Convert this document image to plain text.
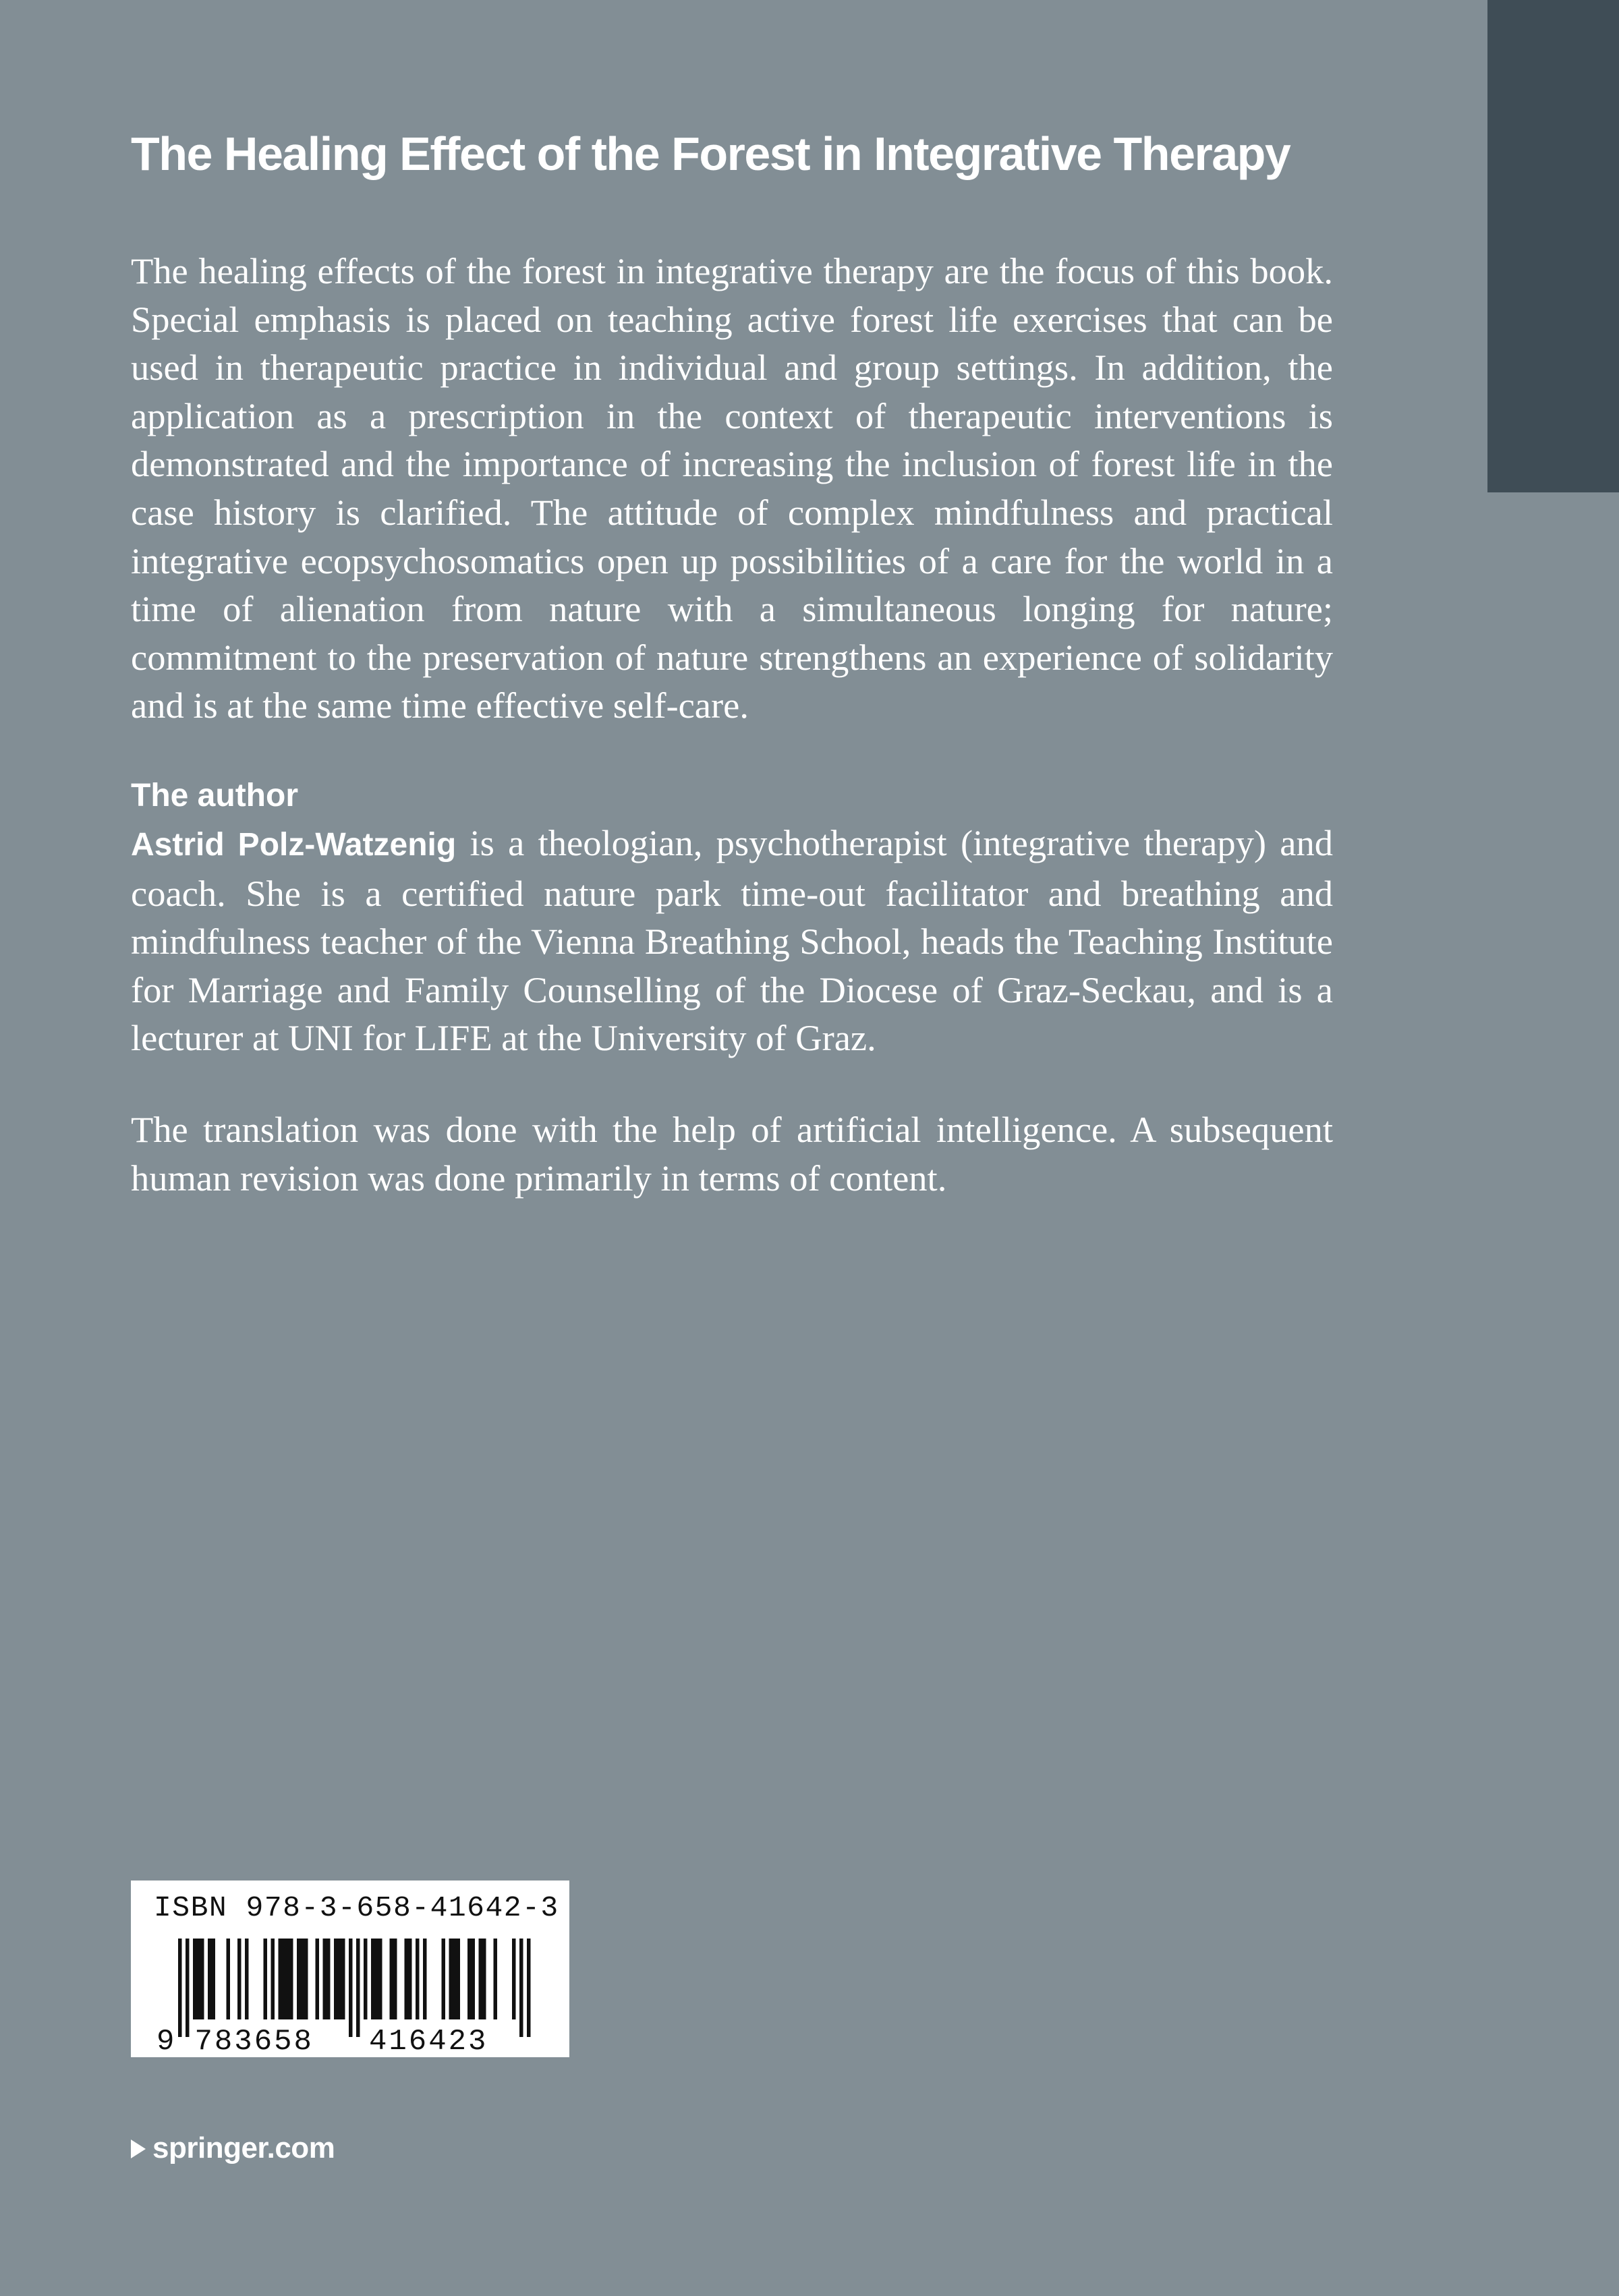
The Healing Effect of the Forest in Integrative Therapy

The healing effects of the forest in integrative therapy are the focus of this book. Special emphasis is placed on teaching active forest life exercises that can be used in therapeutic practice in individual and group settings. In addition, the application as a prescription in the context of therapeutic interventions is demonstrated and the importance of increasing the inclusion of forest life in the case history is clarified. The attitude of complex mindfulness and practical integrative ecopsychosomatics open up possibilities of a care for the world in a time of alienation from nature with a simultaneous longing for nature; commitment to the preservation of nature strengthens an experience of solidarity and is at the same time effective self-care.

The author

Astrid Polz-Watzenig is a theologian, psychotherapist (integrative therapy) and coach. She is a certified nature park time-out facilitator and breathing and mindfulness teacher of the Vienna Breathing School, heads the Teaching Institute for Marriage and Family Counselling of the Diocese of Graz-Seckau, and is a lecturer at UNI for LIFE at the University of Graz.

The translation was done with the help of artificial intelligence. A subsequent human revision was done primarily in terms of content.

ISBN 978-3-658-41642-3
9 783658 416423
springer.com
